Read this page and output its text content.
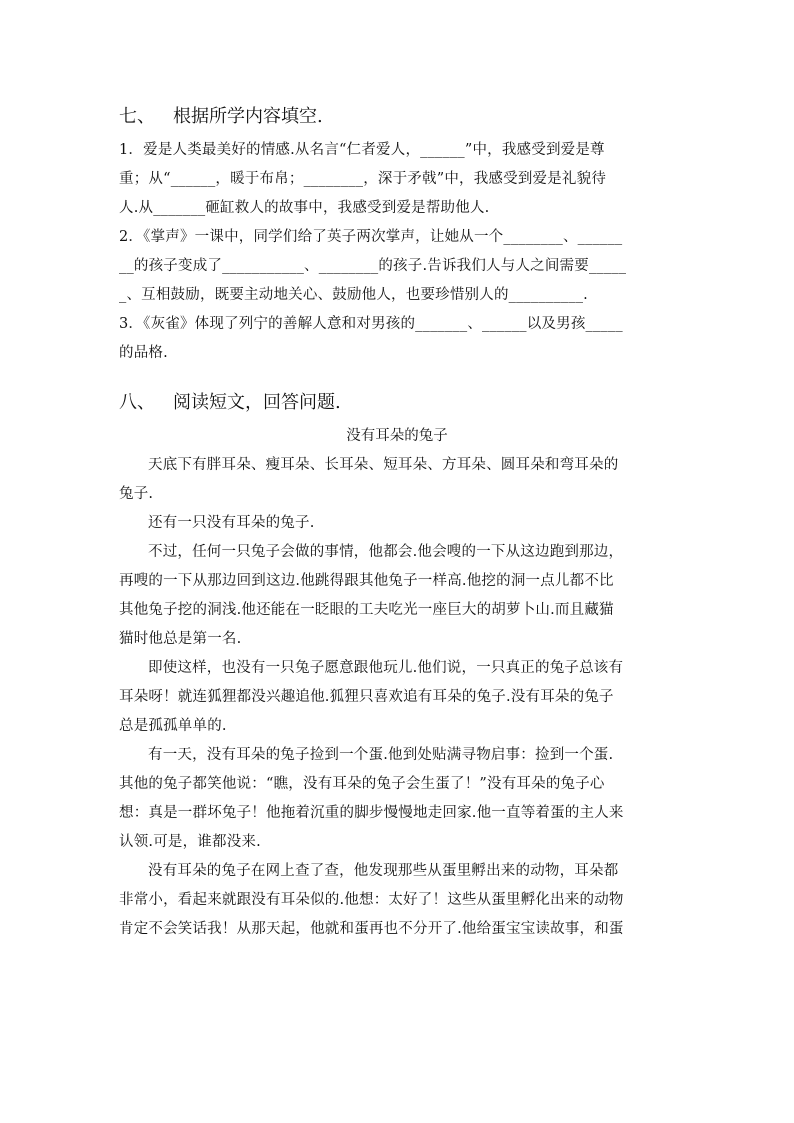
七、 根据所学内容填空.
1．爱是人类最美好的情感.从名言“仁者爱人，______”中，我感受到爱是尊
重；从“______，暖于布帛；________，深于矛戟”中，我感受到爱是礼貌待
人.从_______砸缸救人的故事中，我感受到爱是帮助他人.
2．《掌声》一课中，同学们给了英子两次掌声，让她从一个________、______
__的孩子变成了___________、________的孩子.告诉我们人与人之间需要_____
_、互相鼓励，既要主动地关心、鼓励他人，也要珍惜别人的__________.
3．《灰雀》体现了列宁的善解人意和对男孩的_______、______以及男孩_____
的品格.
八、 阅读短文，回答问题.
没有耳朵的兔子
天底下有胖耳朵、瘦耳朵、长耳朵、短耳朵、方耳朵、圆耳朵和弯耳朵的
兔子.
还有一只没有耳朵的兔子.
不过，任何一只兔子会做的事情，他都会.他会嗖的一下从这边跑到那边，
再嗖的一下从那边回到这边.他跳得跟其他兔子一样高.他挖的洞一点儿都不比
其他兔子挖的洞浅.他还能在一眨眼的工夫吃光一座巨大的胡萝卜山.而且藏猫
猫时他总是第一名.
即使这样，也没有一只兔子愿意跟他玩儿.他们说，一只真正的兔子总该有
耳朵呀！就连狐狸都没兴趣追他.狐狸只喜欢追有耳朵的兔子.没有耳朵的兔子
总是孤孤单单的.
有一天，没有耳朵的兔子捡到一个蛋.他到处贴满寻物启事：捡到一个蛋.
其他的兔子都笑他说：“瞧，没有耳朵的兔子会生蛋了！”没有耳朵的兔子心
想：真是一群坏兔子！他拖着沉重的脚步慢慢地走回家.他一直等着蛋的主人来
认领.可是，谁都没来.
没有耳朵的兔子在网上查了查，他发现那些从蛋里孵出来的动物，耳朵都
非常小，看起来就跟没有耳朵似的.他想：太好了！这些从蛋里孵化出来的动物
肯定不会笑话我！从那天起，他就和蛋再也不分开了.他给蛋宝宝读故事，和蛋
